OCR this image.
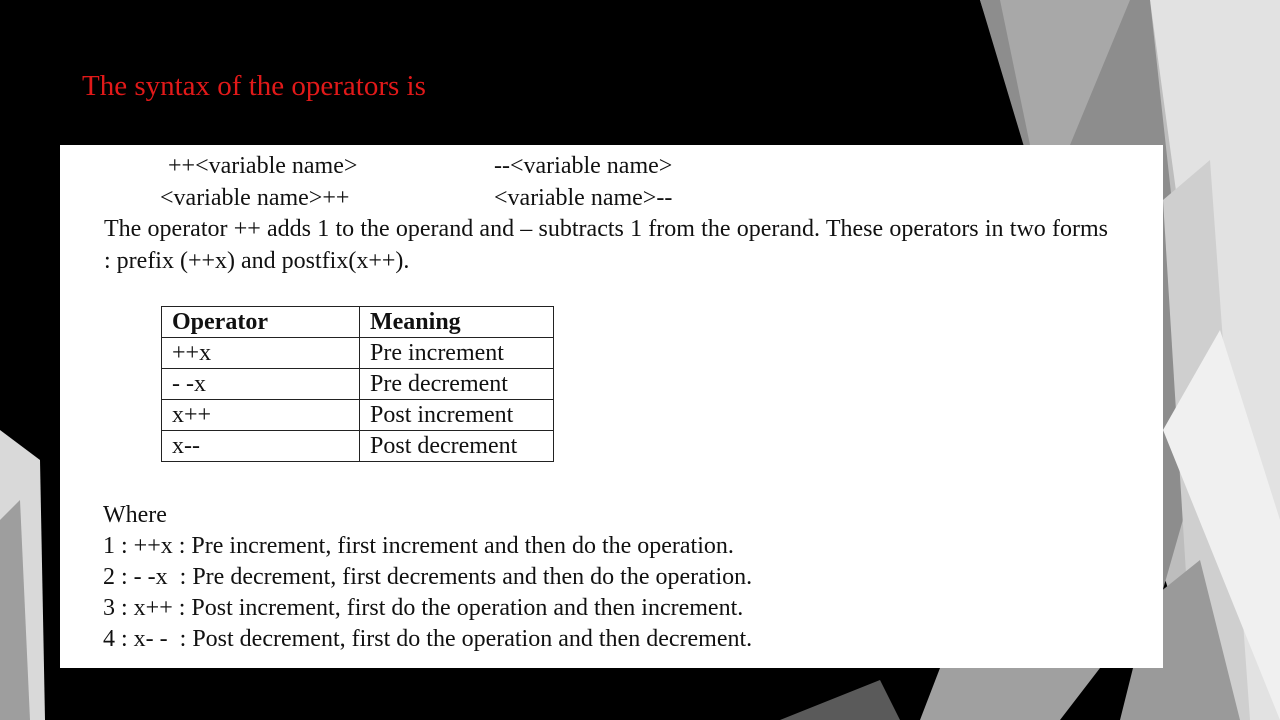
The syntax of the operators is
++<variable name>	--<variable name>
<variable name>++	<variable name>--
The operator ++ adds 1 to the operand and – subtracts 1 from the operand. These operators in two forms : prefix (++x) and postfix(x++).
Operator	Meaning
++x	Pre increment
- -x	Pre decrement
x++	Post increment
x--	Post decrement
Where
1 : ++x : Pre increment, first increment and then do the operation.
2 : - -x  : Pre decrement, first decrements and then do the operation.
3 : x++ : Post increment, first do the operation and then increment.
4 : x- -  : Post decrement, first do the operation and then decrement.
